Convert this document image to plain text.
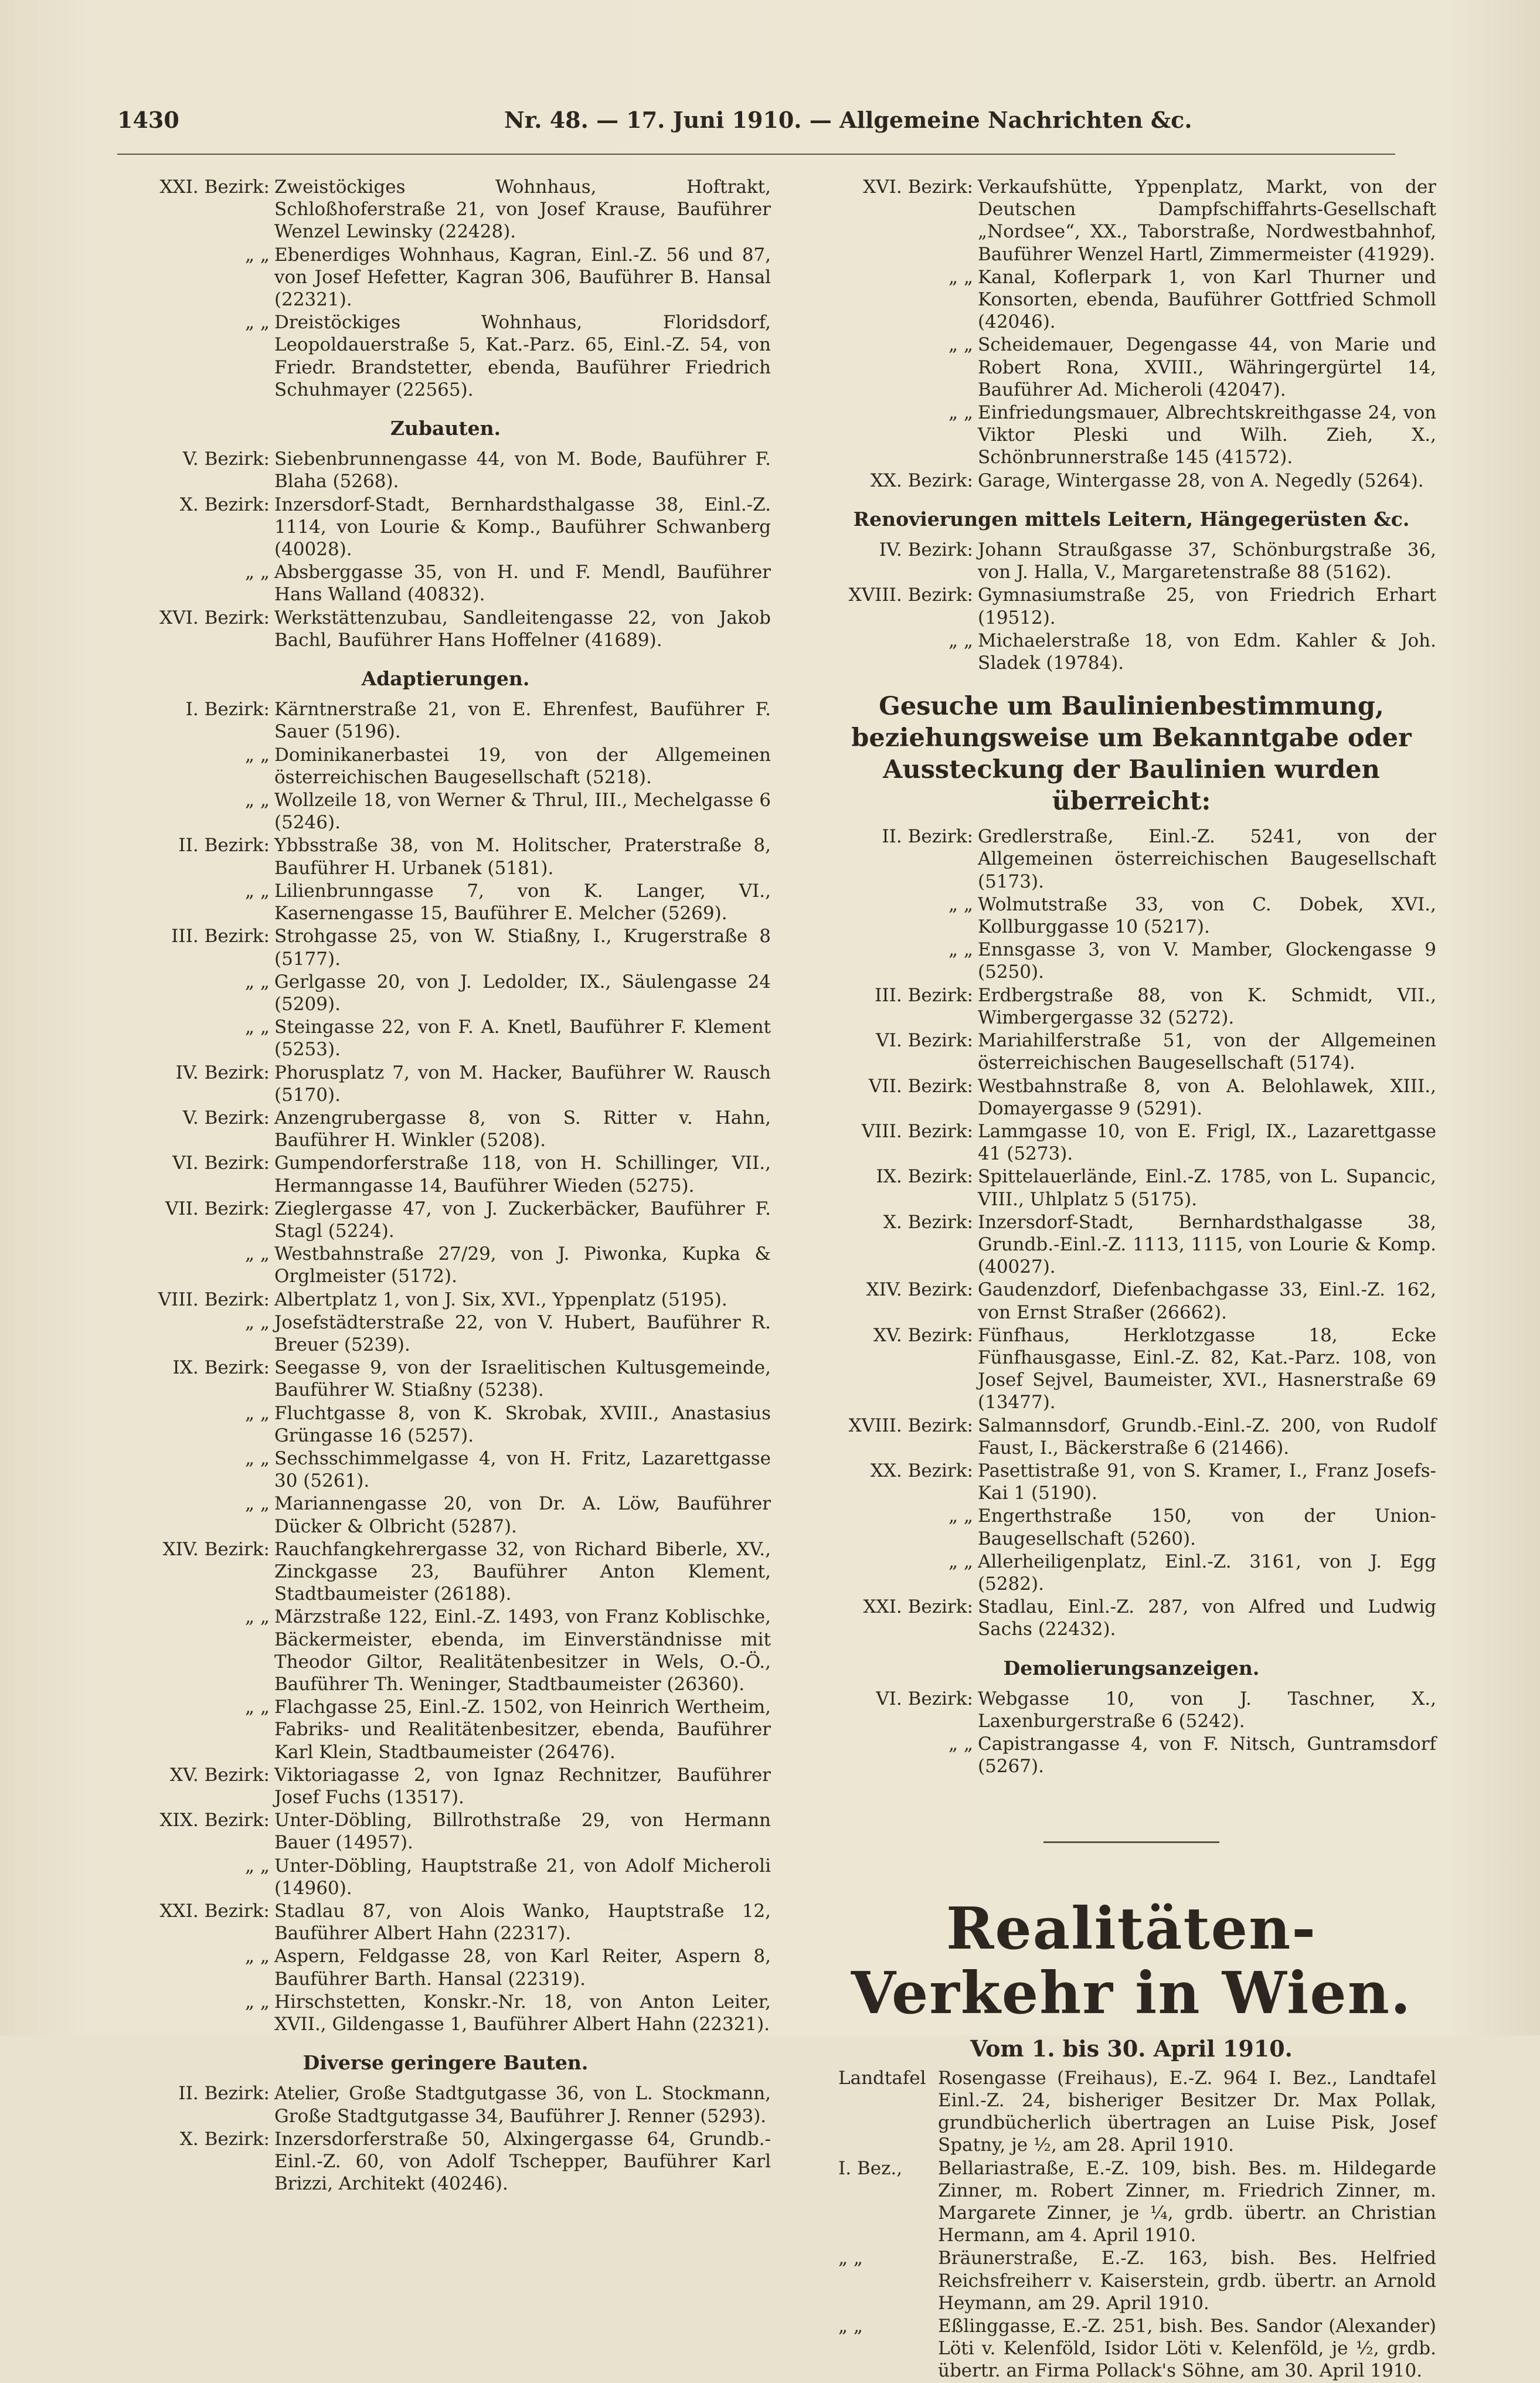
1430	Nr. 48. — 17. Juni 1910. — Allgemeine Nachrichten &c.
XXI. Bezirk: Zweistöckiges Wohnhaus, Hoftrakt, Schloßhoferstraße 21, von Josef Krause, Bauführer Wenzel Lewinsky (22428).
„ „ Ebenerdiges Wohnhaus, Kagran, Einl.-Z. 56 und 87, von Josef Hefetter, Kagran 306, Bauführer B. Hansal (22321).
„ „ Dreistöckiges Wohnhaus, Floridsdorf, Leopoldauerstraße 5, Kat.-Parz. 65, Einl.-Z. 54, von Friedr. Brandstetter, ebenda, Bauführer Friedrich Schuhmayer (22565).
Zubauten.
V. Bezirk: Siebenbrunnengasse 44, von M. Bode, Bauführer F. Blaha (5268).
X. Bezirk: Inzersdorf-Stadt, Bernhardsthalgasse 38, Einl.-Z. 1114, von Lourie & Komp., Bauführer Schwanberg (40028).
„ „ Absberggasse 35, von H. und F. Mendl, Bauführer Hans Walland (40832).
XVI. Bezirk: Werkstättenzubau, Sandleitengasse 22, von Jakob Bachl, Bauführer Hans Hoffelner (41689).
Adaptierungen.
I. Bezirk: Kärntnerstraße 21, von E. Ehrenfest, Bauführer F. Sauer (5196).
„ „ Dominikanerbastei 19, von der Allgemeinen österreichischen Baugesellschaft (5218).
„ „ Wollzeile 18, von Werner & Thrul, III., Mechelgasse 6 (5246).
II. Bezirk: Ybbsstraße 38, von M. Holitscher, Praterstraße 8, Bauführer H. Urbanek (5181).
„ „ Lilienbrunngasse 7, von K. Langer, VI., Kasernengasse 15, Bauführer E. Melcher (5269).
III. Bezirk: Strohgasse 25, von W. Stiaßny, I., Krugerstraße 8 (5177).
„ „ Gerlgasse 20, von J. Ledolder, IX., Säulengasse 24 (5209).
„ „ Steingasse 22, von F. A. Knetl, Bauführer F. Klement (5253).
IV. Bezirk: Phorusplatz 7, von M. Hacker, Bauführer W. Rausch (5170).
V. Bezirk: Anzengrubergasse 8, von S. Ritter v. Hahn, Bauführer H. Winkler (5208).
VI. Bezirk: Gumpendorferstraße 118, von H. Schillinger, VII., Hermanngasse 14, Bauführer Wieden (5275).
VII. Bezirk: Zieglergasse 47, von J. Zuckerbäcker, Bauführer F. Stagl (5224).
„ „ Westbahnstraße 27/29, von J. Piwonka, Kupka & Orglmeister (5172).
VIII. Bezirk: Albertplatz 1, von J. Six, XVI., Yppenplatz (5195).
„ „ Josefstädterstraße 22, von V. Hubert, Bauführer R. Breuer (5239).
IX. Bezirk: Seegasse 9, von der Israelitischen Kultusgemeinde, Bauführer W. Stiaßny (5238).
„ „ Fluchtgasse 8, von K. Skrobak, XVIII., Anastasius Grüngasse 16 (5257).
„ „ Sechsschimmelgasse 4, von H. Fritz, Lazarettgasse 30 (5261).
„ „ Mariannengasse 20, von Dr. A. Löw, Bauführer Dücker & Olbricht (5287).
XIV. Bezirk: Rauchfangkehrergasse 32, von Richard Biberle, XV., Zinckgasse 23, Bauführer Anton Klement, Stadtbaumeister (26188).
„ „ Märzstraße 122, Einl.-Z. 1493, von Franz Koblischke, Bäckermeister, ebenda, im Einverständnisse mit Theodor Giltor, Realitätenbesitzer in Wels, O.-Ö., Bauführer Th. Weninger, Stadtbaumeister (26360).
„ „ Flachgasse 25, Einl.-Z. 1502, von Heinrich Wertheim, Fabriks- und Realitätenbesitzer, ebenda, Bauführer Karl Klein, Stadtbaumeister (26476).
XV. Bezirk: Viktoriagasse 2, von Ignaz Rechnitzer, Bauführer Josef Fuchs (13517).
XIX. Bezirk: Unter-Döbling, Billrothstraße 29, von Hermann Bauer (14957).
„ „ Unter-Döbling, Hauptstraße 21, von Adolf Micheroli (14960).
XXI. Bezirk: Stadlau 87, von Alois Wanko, Hauptstraße 12, Bauführer Albert Hahn (22317).
„ „ Aspern, Feldgasse 28, von Karl Reiter, Aspern 8, Bauführer Barth. Hansal (22319).
„ „ Hirschstetten, Konskr.-Nr. 18, von Anton Leiter, XVII., Gildengasse 1, Bauführer Albert Hahn (22321).
Diverse geringere Bauten.
II. Bezirk: Atelier, Große Stadtgutgasse 36, von L. Stockmann, Große Stadtgutgasse 34, Bauführer J. Renner (5293).
X. Bezirk: Inzersdorferstraße 50, Alxingergasse 64, Grundb.-Einl.-Z. 60, von Adolf Tschepper, Bauführer Karl Brizzi, Architekt (40246).
XVI. Bezirk: Verkaufshütte, Yppenplatz, Markt, von der Deutschen Dampfschiffahrts-Gesellschaft „Nordsee“, XX., Taborstraße, Nordwestbahnhof, Bauführer Wenzel Hartl, Zimmermeister (41929).
„ „ Kanal, Koflerpark 1, von Karl Thurner und Konsorten, ebenda, Bauführer Gottfried Schmoll (42046).
„ „ Scheidemauer, Degengasse 44, von Marie und Robert Rona, XVIII., Währingergürtel 14, Bauführer Ad. Micheroli (42047).
„ „ Einfriedungsmauer, Albrechtskreithgasse 24, von Viktor Pleski und Wilh. Zieh, X., Schönbrunnerstraße 145 (41572).
XX. Bezirk: Garage, Wintergasse 28, von A. Negedly (5264).
Renovierungen mittels Leitern, Hängegerüsten &c.
IV. Bezirk: Johann Straußgasse 37, Schönburgstraße 36, von J. Halla, V., Margaretenstraße 88 (5162).
XVIII. Bezirk: Gymnasiumstraße 25, von Friedrich Erhart (19512).
„ „ Michaelerstraße 18, von Edm. Kahler & Joh. Sladek (19784).
Gesuche um Baulinienbestimmung, beziehungsweise um Bekanntgabe oder Aussteckung der Baulinien wurden überreicht:
II. Bezirk: Gredlerstraße, Einl.-Z. 5241, von der Allgemeinen österreichischen Baugesellschaft (5173).
„ „ Wolmutstraße 33, von C. Dobek, XVI., Kollburggasse 10 (5217).
„ „ Ennsgasse 3, von V. Mamber, Glockengasse 9 (5250).
III. Bezirk: Erdbergstraße 88, von K. Schmidt, VII., Wimbergergasse 32 (5272).
VI. Bezirk: Mariahilferstraße 51, von der Allgemeinen österreichischen Baugesellschaft (5174).
VII. Bezirk: Westbahnstraße 8, von A. Belohlawek, XIII., Domayergasse 9 (5291).
VIII. Bezirk: Lammgasse 10, von E. Frigl, IX., Lazarettgasse 41 (5273).
IX. Bezirk: Spittelauerlände, Einl.-Z. 1785, von L. Supancic, VIII., Uhlplatz 5 (5175).
X. Bezirk: Inzersdorf-Stadt, Bernhardsthalgasse 38, Grundb.-Einl.-Z. 1113, 1115, von Lourie & Komp. (40027).
XIV. Bezirk: Gaudenzdorf, Diefenbachgasse 33, Einl.-Z. 162, von Ernst Straßer (26662).
XV. Bezirk: Fünfhaus, Herklotzgasse 18, Ecke Fünfhausgasse, Einl.-Z. 82, Kat.-Parz. 108, von Josef Sejvel, Baumeister, XVI., Hasnerstraße 69 (13477).
XVIII. Bezirk: Salmannsdorf, Grundb.-Einl.-Z. 200, von Rudolf Faust, I., Bäckerstraße 6 (21466).
XX. Bezirk: Pasettistraße 91, von S. Kramer, I., Franz Josefs-Kai 1 (5190).
„ „ Engerthstraße 150, von der Union-Baugesellschaft (5260).
„ „ Allerheiligenplatz, Einl.-Z. 3161, von J. Egg (5282).
XXI. Bezirk: Stadlau, Einl.-Z. 287, von Alfred und Ludwig Sachs (22432).
Demolierungsanzeigen.
VI. Bezirk: Webgasse 10, von J. Taschner, X., Laxenburgerstraße 6 (5242).
„ „ Capistrangasse 4, von F. Nitsch, Guntramsdorf (5267).
Realitäten-Verkehr in Wien.
Vom 1. bis 30. April 1910.
Landtafel Rosengasse (Freihaus), E.-Z. 964 I. Bez., Landtafel Einl.-Z. 24, bisheriger Besitzer Dr. Max Pollak, grundbücherlich übertragen an Luise Pisk, Josef Spatny, je ½, am 28. April 1910.
I. Bez.,	Bellariastraße, E.-Z. 109, bish. Bes. m. Hildegarde Zinner, m. Robert Zinner, m. Friedrich Zinner, m. Margarete Zinner, je ¼, grdb. übertr. an Christian Hermann, am 4. April 1910.
„ „	Bräunerstraße, E.-Z. 163, bish. Bes. Helfried Reichsfreiherr v. Kaiserstein, grdb. übertr. an Arnold Heymann, am 29. April 1910.
„ „	Eßlinggasse, E.-Z. 251, bish. Bes. Sandor (Alexander) Löti v. Kelenföld, Isidor Löti v. Kelenföld, je ½, grdb. übertr. an Firma Pollack's Söhne, am 30. April 1910.
